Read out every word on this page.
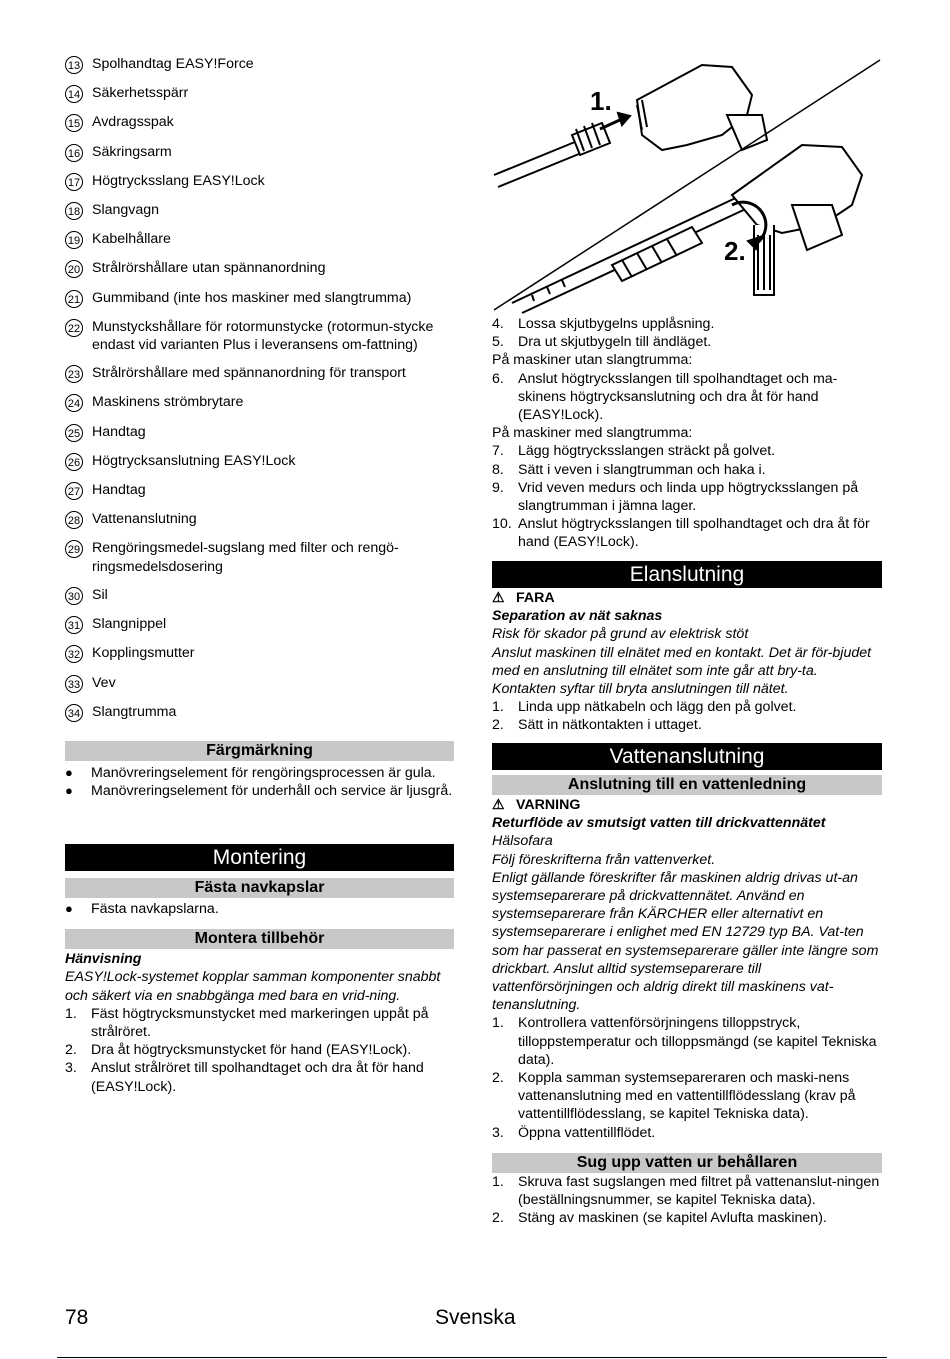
13 Spolhandtag EASY!Force
14 Säkerhetsspärr
15 Avdragsspak
16 Säkringsarm
17 Högtrycksslang EASY!Lock
18 Slangvagn
19 Kabelhållare
20 Strålrörshållare utan spännanordning
21 Gummiband (inte hos maskiner med slangtrumma)
22 Munstyckshållare för rotormunstycke (rotormun-stycke endast vid varianten Plus i leveransens om-fattning)
23 Strålrörshållare med spännanordning för transport
24 Maskinens strömbrytare
25 Handtag
26 Högtrycksanslutning EASY!Lock
27 Handtag
28 Vattenanslutning
29 Rengöringsmedel-sugslang med filter och rengö-ringsmedelsdosering
30 Sil
31 Slangnippel
32 Kopplingsmutter
33 Vev
34 Slangtrumma
Färgmärkning
●	Manövreringselement för rengöringsprocessen är gula.
●	Manövreringselement för underhåll och service är ljusgrå.
Montering
Fästa navkapslar
●	Fästa navkapslarna.
Montera tillbehör
Hänvisning
EASY!Lock-systemet kopplar samman komponenter snabbt och säkert via en snabbgänga med bara en vrid-ning.
1. Fäst högtrycksmunstycket med markeringen uppåt på strålröret.
2. Dra åt högtrycksmunstycket för hand (EASY!Lock).
3. Anslut strålröret till spolhandtaget och dra åt för hand (EASY!Lock).
1.
2.
4. Lossa skjutbygelns upplåsning.
5. Dra ut skjutbygeln till ändläget.
På maskiner utan slangtrumma:
6. Anslut högtrycksslangen till spolhandtaget och ma-skinens högtrycksanslutning och dra åt för hand (EASY!Lock).
På maskiner med slangtrumma:
7. Lägg högtrycksslangen sträckt på golvet.
8. Sätt i veven i slangtrumman och haka i.
9. Vrid veven medurs och linda upp högtrycksslangen på slangtrumman i jämna lager.
10. Anslut högtrycksslangen till spolhandtaget och dra åt för hand (EASY!Lock).
Elanslutning
⚠ FARA
Separation av nät saknas
Risk för skador på grund av elektrisk stöt
Anslut maskinen till elnätet med en kontakt. Det är för-bjudet med en anslutning till elnätet som inte går att bry-ta. Kontakten syftar till bryta anslutningen till nätet.
1. Linda upp nätkabeln och lägg den på golvet.
2. Sätt in nätkontakten i uttaget.
Vattenanslutning
Anslutning till en vattenledning
⚠ VARNING
Returflöde av smutsigt vatten till drickvattennätet
Hälsofara
Följ föreskrifterna från vattenverket.
Enligt gällande föreskrifter får maskinen aldrig drivas ut-an systemseparerare på drickvattennätet. Använd en systemseparerare från KÄRCHER eller alternativt en systemseparerare i enlighet med EN 12729 typ BA. Vat-ten som har passerat en systemseparerare gäller inte längre som drickbart. Anslut alltid systemseparerare till vattenförsörjningen och aldrig direkt till maskinens vat-tenanslutning.
1. Kontrollera vattenförsörjningens tilloppstryck, tilloppstemperatur och tilloppsmängd (se kapitel Tekniska data).
2. Koppla samman systemsepareraren och maski-nens vattenanslutning med en vattentillflödesslang (krav på vattentillflödesslang, se kapitel Tekniska data).
3. Öppna vattentillflödet.
Sug upp vatten ur behållaren
1. Skruva fast sugslangen med filtret på vattenanslut-ningen (beställningsnummer, se kapitel Tekniska data).
2. Stäng av maskinen (se kapitel Avlufta maskinen).
78	Svenska
